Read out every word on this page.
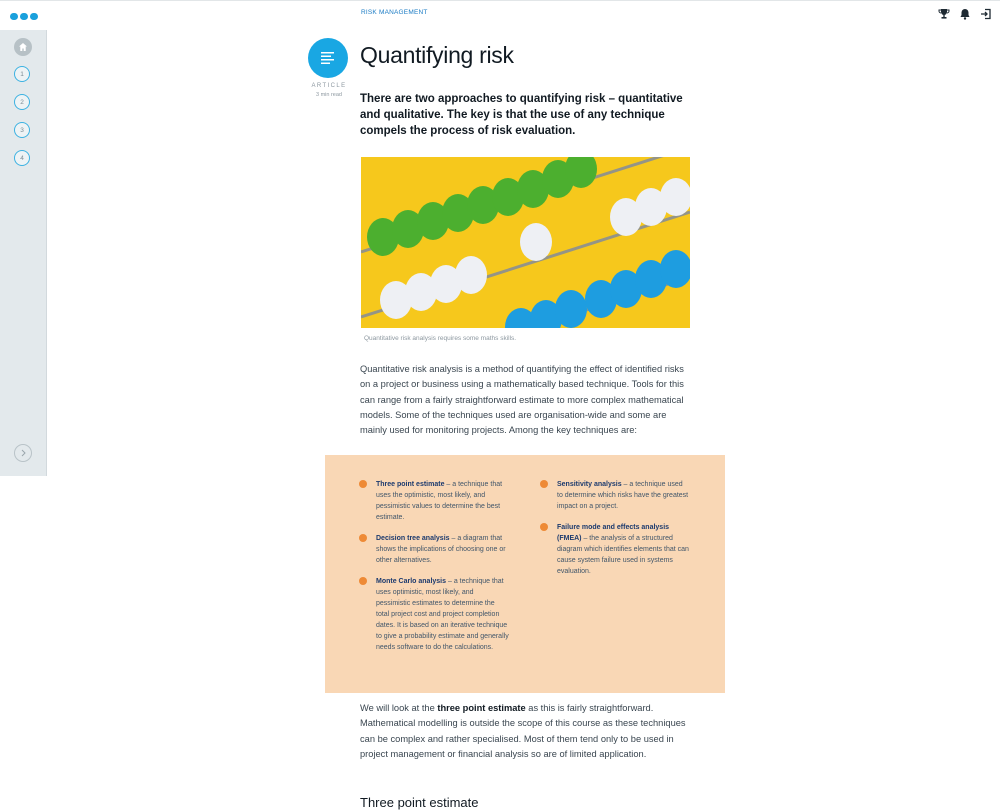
1
2
3
4
RISK MANAGEMENT
ARTICLE
3 min read
Quantifying risk

There are two approaches to quantifying risk – quantitative and qualitative. The key is that the use of any technique compels the process of risk evaluation.

Quantitative risk analysis requires some maths skills.

Quantitative risk analysis is a method of quantifying the effect of identified risks on a project or business using a mathematically based technique. Tools for this can range from a fairly straightforward estimate to more complex mathematical models. Some of the techniques used are organisation-wide and some are mainly used for monitoring projects. Among the key techniques are:

Three point estimate – a technique that uses the optimistic, most likely, and pessimistic values to determine the best estimate.
Decision tree analysis – a diagram that shows the implications of choosing one or other alternatives.
Monte Carlo analysis – a technique that uses optimistic, most likely, and pessimistic estimates to determine the total project cost and project completion dates. It is based on an iterative technique to give a probability estimate and generally needs software to do the calculations.
Sensitivity analysis – a technique used to determine which risks have the greatest impact on a project.
Failure mode and effects analysis (FMEA) – the analysis of a structured diagram which identifies elements that can cause system failure used in systems evaluation.

We will look at the three point estimate as this is fairly straightforward. Mathematical modelling is outside the scope of this course as these techniques can be complex and rather specialised. Most of them tend only to be used in project management or financial analysis so are of limited application.

Three point estimate
